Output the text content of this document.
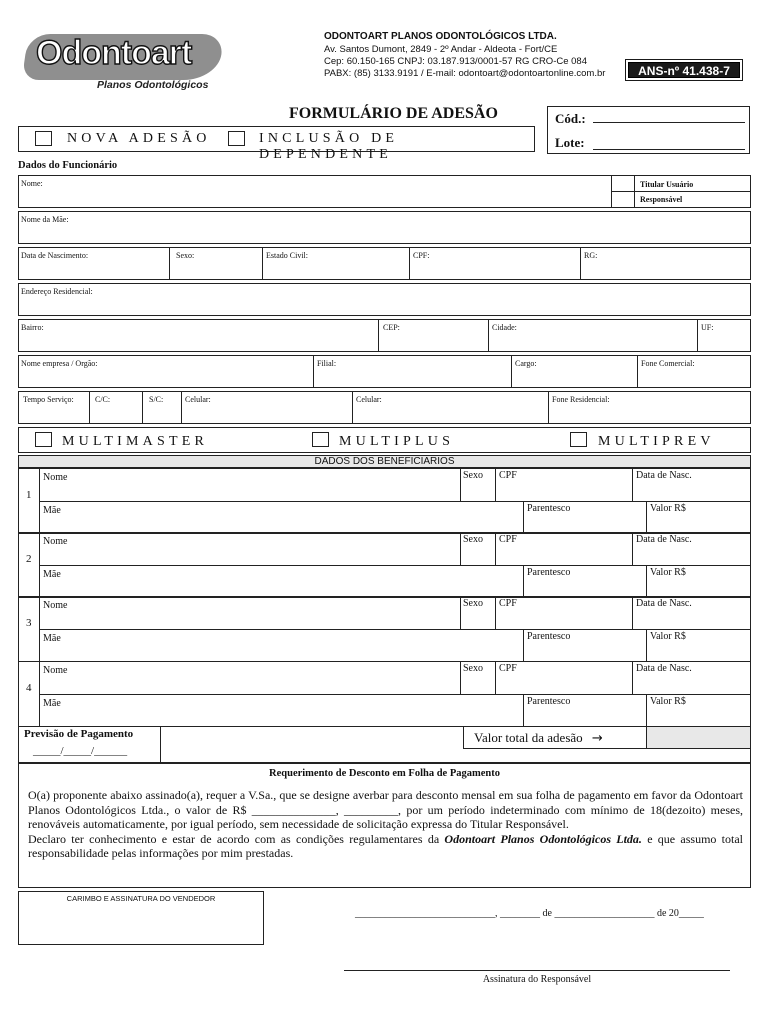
Odontoart
Planos Odontológicos
ODONTOART PLANOS ODONTOLÓGICOS LTDA.
Av. Santos Dumont, 2849 - 2º Andar - Aldeota - Fort/CE
Cep: 60.150-165 CNPJ: 03.187.913/0001-57 RG CRO-Ce 084
PABX: (85) 3133.9191 / E-mail: odontoart@odontoartonline.com.br	ANS-nº 41.438-7
FORMULÁRIO DE ADESÃO	Cód.:
Lote:
NOVA ADESÃO	INCLUSÃO DE DEPENDENTE
Dados do Funcionário
Nome:	Titular Usuário
Responsável
Nome da Mãe:
Data de Nascimento:	Sexo:	Estado Civil:	CPF:	RG:
Endereço Residencial:
Bairro:	CEP:	Cidade:	UF:
Nome empresa / Orgão:	Filial:	Cargo:	Fone Comercial:
Tempo Serviço:	C/C:	S/C:	Celular:	Celular:	Fone Residencial:
MULTIMASTER	MULTIPLUS	MULTIPREV
DADOS DOS BENEFICIARIOS
1
Nome	Sexo CPF	Data de Nasc.
Mãe	Parentesco	Valor R$
2
Nome	Sexo CPF	Data de Nasc.
Mãe	Parentesco	Valor R$
3
Nome	Sexo CPF	Data de Nasc.
Mãe	Parentesco	Valor R$
4
Nome	Sexo CPF	Data de Nasc.
Mãe	Parentesco	Valor R$
Previsão de Pagamento
_____/_____/______
Valor total da adesão →
Requerimento de Desconto em Folha de Pagamento
O(a) proponente abaixo assinado(a), requer a V.Sa., que se designe averbar para desconto mensal em sua folha de pagamento em favor da Odontoart Planos Odontológicos Ltda., o valor de R$ ______________, _________, por um período indeterminado com mínimo de 18(dezoito) meses, renováveis automaticamente, por igual período, sem necessidade de solicitação expressa do Titular Responsável.
Declaro ter conhecimento e estar de acordo com as condições regulamentares da Odontoart Planos Odontológicos Ltda. e que assumo total responsabilidade pelas informações por mim prestadas.
CARIMBO E ASSINATURA DO VENDEDOR
____________________________, ________ de ____________________ de 20_____
Assinatura do Responsável
